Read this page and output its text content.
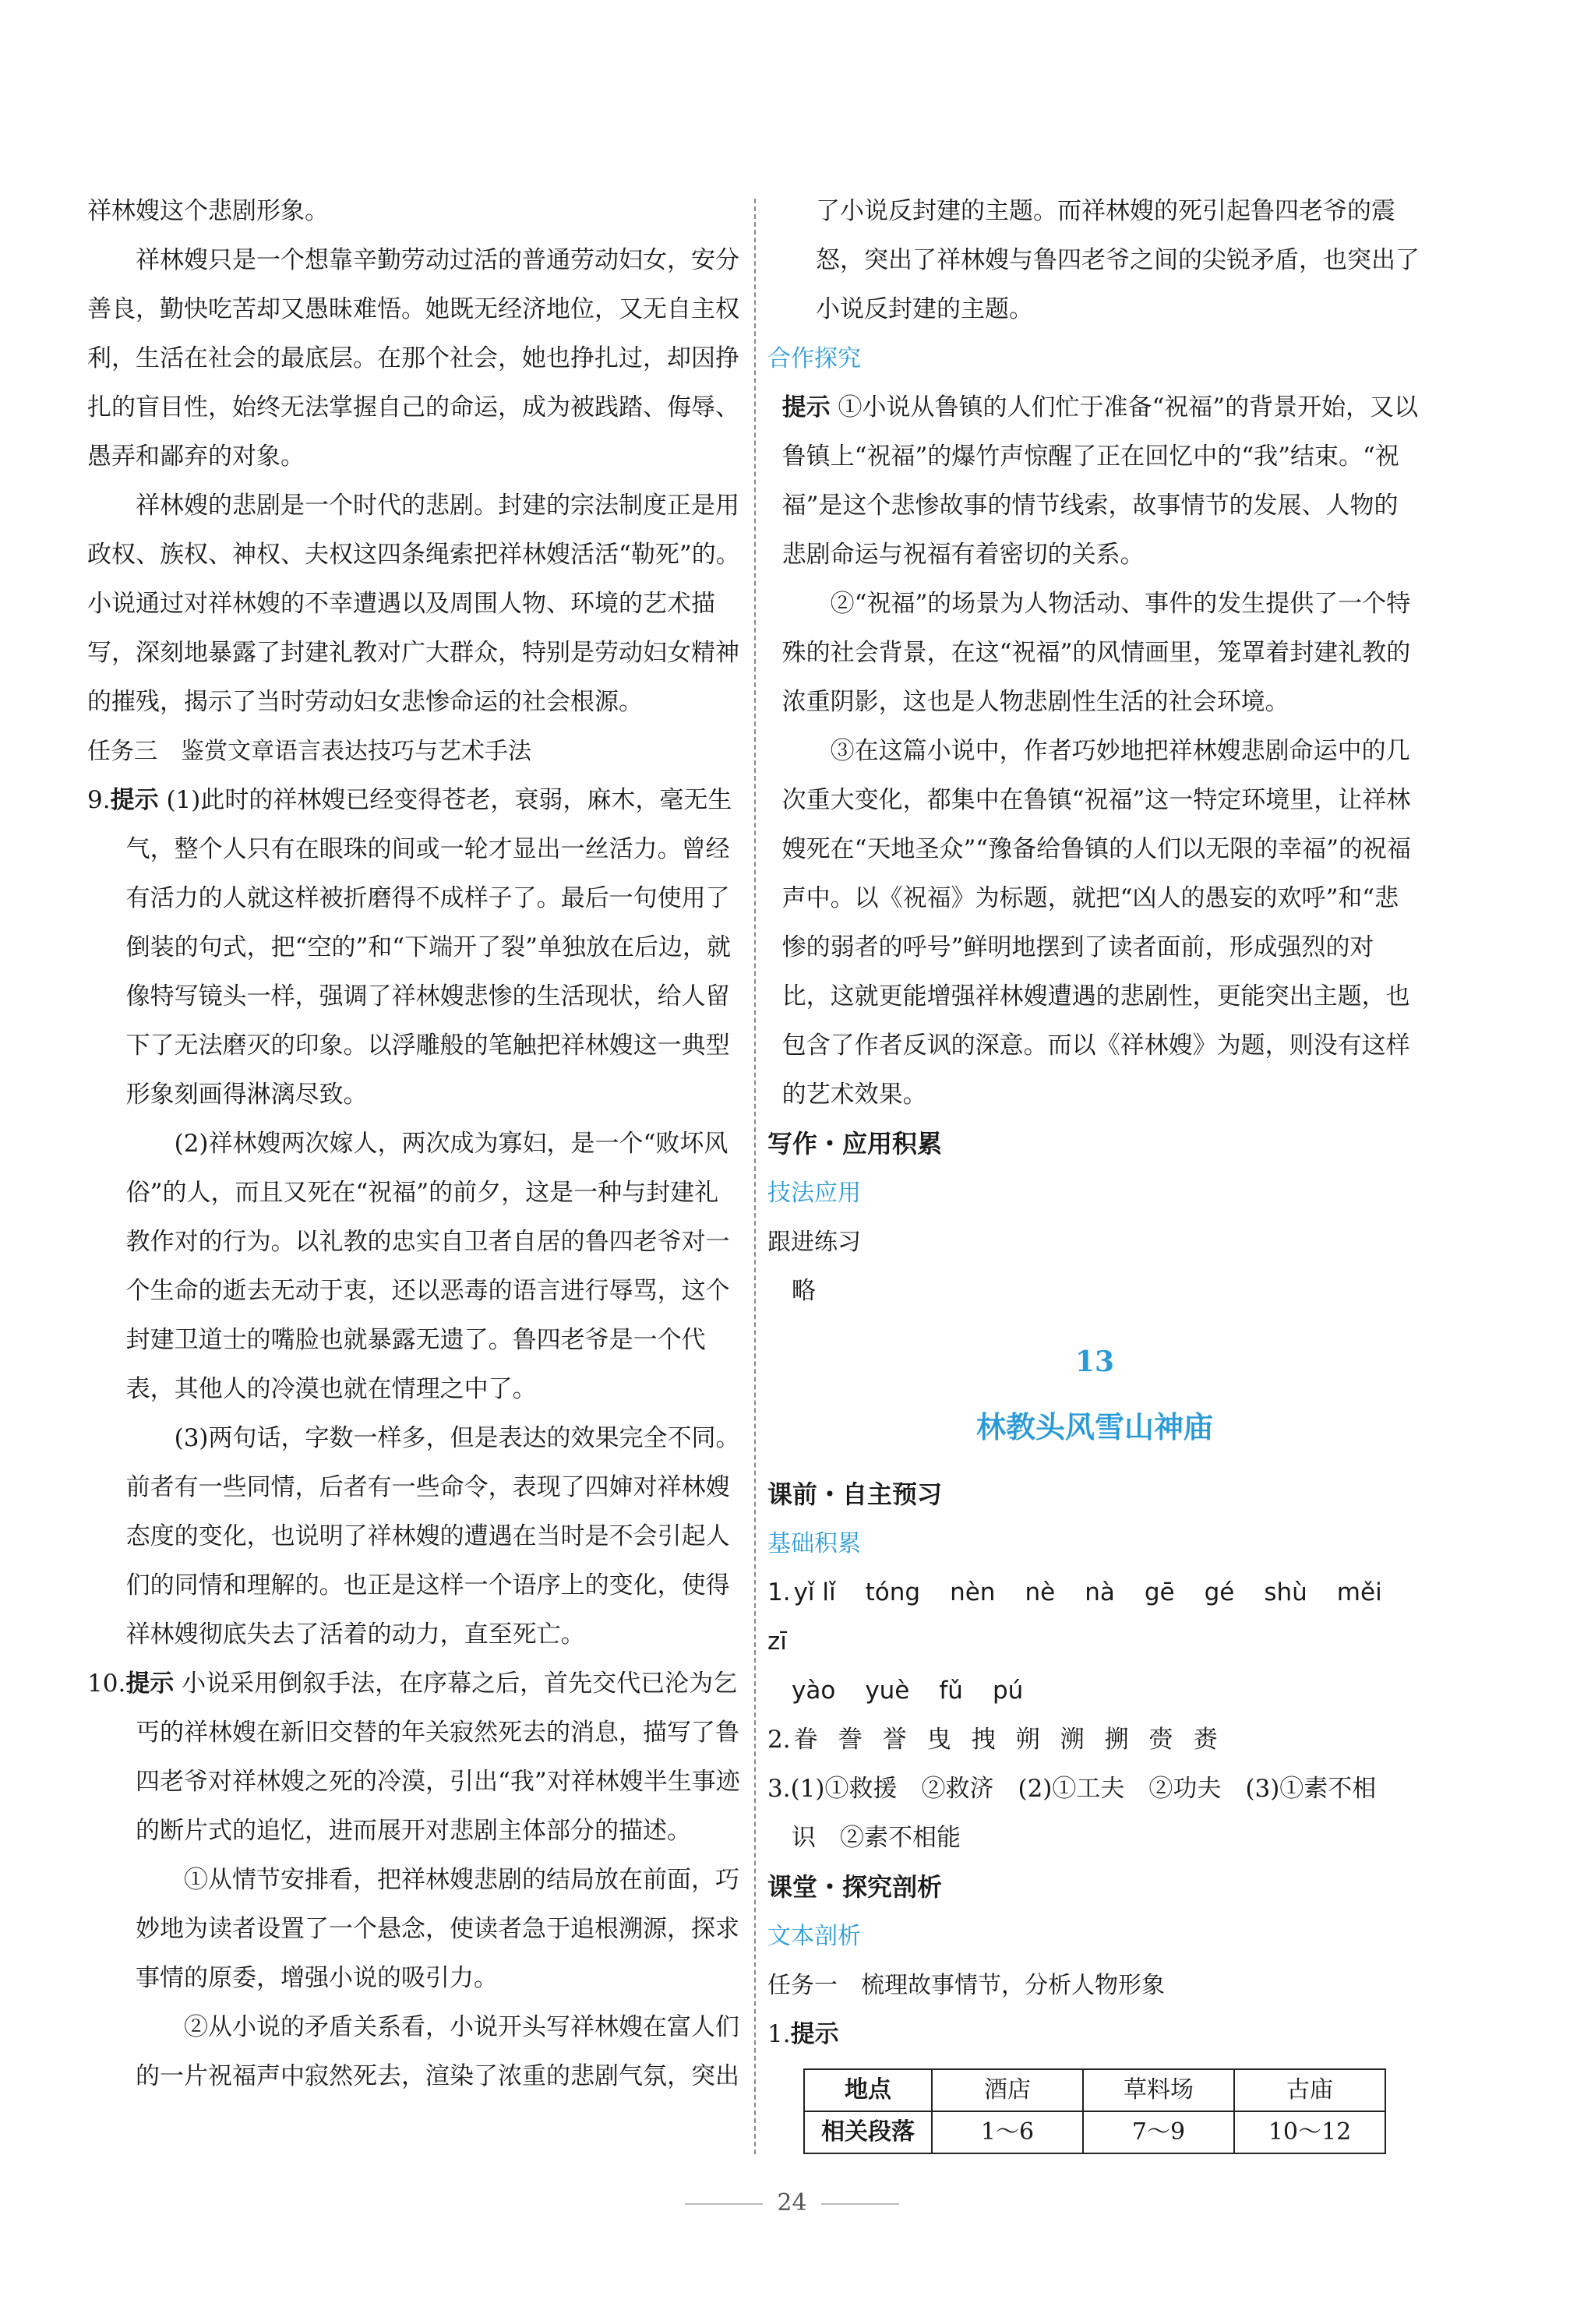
祥林嫂这个悲剧形象。

祥林嫂只是一个想靠辛勤劳动过活的普通劳动妇女，安分善良，勤快吃苦却又愚昧难悟。她既无经济地位，又无自主权利，生活在社会的最底层。在那个社会，她也挣扎过，却因挣扎的盲目性，始终无法掌握自己的命运，成为被践踏、侮辱、愚弄和鄙弃的对象。

祥林嫂的悲剧是一个时代的悲剧。封建的宗法制度正是用政权、族权、神权、夫权这四条绳索把祥林嫂活活“勒死”的。小说通过对祥林嫂的不幸遭遇以及周围人物、环境的艺术描写，深刻地暴露了封建礼教对广大群众，特别是劳动妇女精神的摧残，揭示了当时劳动妇女悲惨命运的社会根源。

任务三　鉴赏文章语言表达技巧与艺术手法

9.提示 (1)此时的祥林嫂已经变得苍老，衰弱，麻木，毫无生气，整个人只有在眼珠的间或一轮才显出一丝活力。曾经有活力的人就这样被折磨得不成样子了。最后一句使用了倒装的句式，把“空的”和“下端开了裂”单独放在后边，就像特写镜头一样，强调了祥林嫂悲惨的生活现状，给人留下了无法磨灭的印象。以浮雕般的笔触把祥林嫂这一典型形象刻画得淋漓尽致。

(2)祥林嫂两次嫁人，两次成为寡妇，是一个“败坏风俗”的人，而且又死在“祝福”的前夕，这是一种与封建礼教作对的行为。以礼教的忠实自卫者自居的鲁四老爷对一个生命的逝去无动于衷，还以恶毒的语言进行辱骂，这个封建卫道士的嘴脸也就暴露无遗了。鲁四老爷是一个代表，其他人的冷漠也就在情理之中了。

(3)两句话，字数一样多，但是表达的效果完全不同。前者有一些同情，后者有一些命令，表现了四婶对祥林嫂态度的变化，也说明了祥林嫂的遭遇在当时是不会引起人们的同情和理解的。也正是这样一个语序上的变化，使得祥林嫂彻底失去了活着的动力，直至死亡。

10.提示 小说采用倒叙手法，在序幕之后，首先交代已沦为乞丐的祥林嫂在新旧交替的年关寂然死去的消息，描写了鲁四老爷对祥林嫂之死的冷漠，引出“我”对祥林嫂半生事迹的断片式的追忆，进而展开对悲剧主体部分的描述。

①从情节安排看，把祥林嫂悲剧的结局放在前面，巧妙地为读者设置了一个悬念，使读者急于追根溯源，探求事情的原委，增强小说的吸引力。

②从小说的矛盾关系看，小说开头写祥林嫂在富人们的一片祝福声中寂然死去，渲染了浓重的悲剧气氛，突出

了小说反封建的主题。而祥林嫂的死引起鲁四老爷的震怒，突出了祥林嫂与鲁四老爷之间的尖锐矛盾，也突出了小说反封建的主题。

合作探究

提示 ①小说从鲁镇的人们忙于准备“祝福”的背景开始，又以鲁镇上“祝福”的爆竹声惊醒了正在回忆中的“我”结束。“祝福”是这个悲惨故事的情节线索，故事情节的发展、人物的悲剧命运与祝福有着密切的关系。

②“祝福”的场景为人物活动、事件的发生提供了一个特殊的社会背景，在这“祝福”的风情画里，笼罩着封建礼教的浓重阴影，这也是人物悲剧性生活的社会环境。

③在这篇小说中，作者巧妙地把祥林嫂悲剧命运中的几次重大变化，都集中在鲁镇“祝福”这一特定环境里，让祥林嫂死在“天地圣众”“豫备给鲁镇的人们以无限的幸福”的祝福声中。以《祝福》为标题，就把“凶人的愚妄的欢呼”和“悲惨的弱者的呼号”鲜明地摆到了读者面前，形成强烈的对比，这就更能增强祥林嫂遭遇的悲剧性，更能突出主题，也包含了作者反讽的深意。而以《祥林嫂》为题，则没有这样的艺术效果。

写作・应用积累

技法应用

跟进练习

略

13

林教头风雪山神庙

课前・自主预习

基础积累

1. yǐ lǐ tóng nèn nè nà gē gé shù měizī

yào yuè fǔ pú

2. 眷 誊 誉 曳 拽 朔 溯 搠 赍 赉

3.(1)①救援　②救济　(2)①工夫　②功夫　(3)①素不相

识　②素不相能

课堂・探究剖析

文本剖析

任务一　梳理故事情节，分析人物形象

1.提示

地点	酒店	草料场	古庙
相关段落	1～6	7～9	10～12
24
